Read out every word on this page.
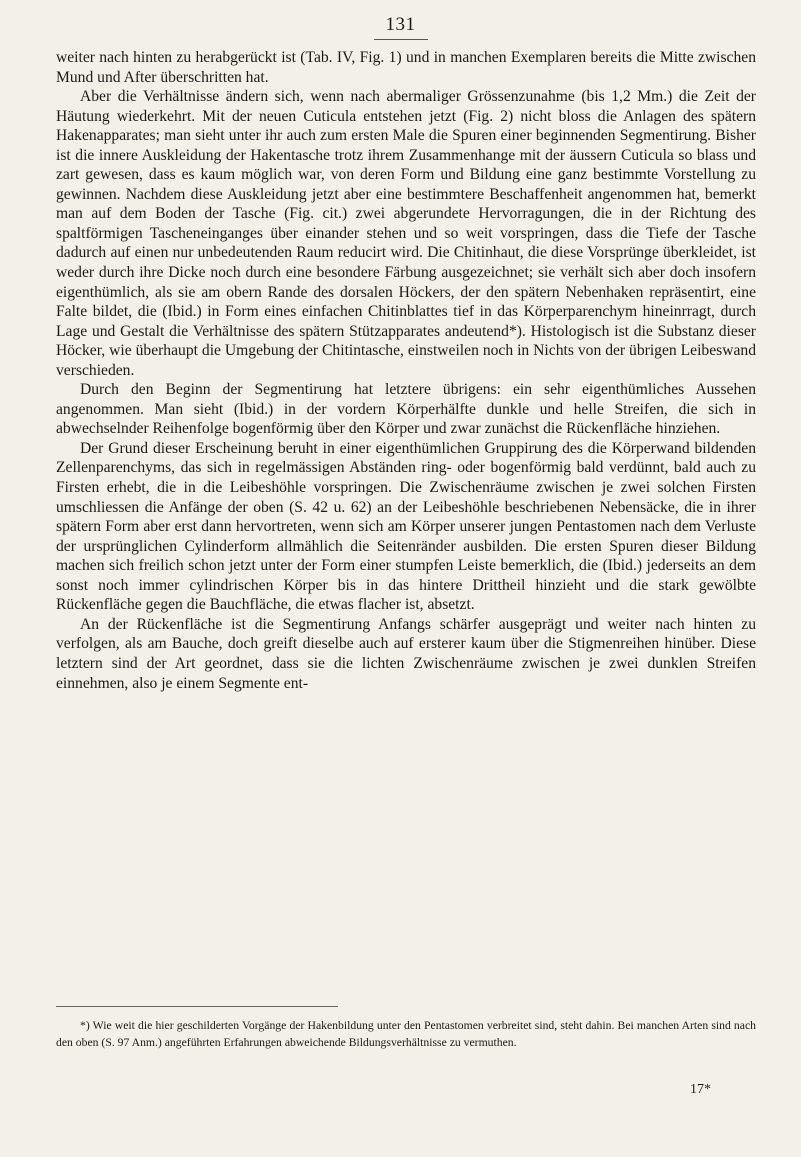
131

weiter nach hinten zu herabgerückt ist (Tab. IV, Fig. 1) und in manchen Exemplaren bereits die Mitte zwischen Mund und After überschritten hat.

Aber die Verhältnisse ändern sich, wenn nach abermaliger Grössenzunahme (bis 1,2 Mm.) die Zeit der Häutung wiederkehrt. Mit der neuen Cuticula entstehen jetzt (Fig. 2) nicht bloss die Anlagen des spätern Hakenapparates; man sieht unter ihr auch zum ersten Male die Spuren einer beginnenden Segmentirung. Bisher ist die innere Auskleidung der Hakentasche trotz ihrem Zusammenhange mit der äussern Cuticula so blass und zart gewesen, dass es kaum möglich war, von deren Form und Bildung eine ganz bestimmte Vorstellung zu gewinnen. Nachdem diese Auskleidung jetzt aber eine bestimmtere Beschaffenheit angenommen hat, bemerkt man auf dem Boden der Tasche (Fig. cit.) zwei abgerundete Hervorragungen, die in der Richtung des spaltförmigen Tascheneinganges über einander stehen und so weit vorspringen, dass die Tiefe der Tasche dadurch auf einen nur unbedeutenden Raum reducirt wird. Die Chitinhaut, die diese Vorsprünge überkleidet, ist weder durch ihre Dicke noch durch eine besondere Färbung ausgezeichnet; sie verhält sich aber doch insofern eigenthümlich, als sie am obern Rande des dorsalen Höckers, der den spätern Nebenhaken repräsentirt, eine Falte bildet, die (Ibid.) in Form eines einfachen Chitinblattes tief in das Körperparenchym hineinrragt, durch Lage und Gestalt die Verhältnisse des spätern Stützapparates andeutend*). Histologisch ist die Substanz dieser Höcker, wie überhaupt die Umgebung der Chitintasche, einstweilen noch in Nichts von der übrigen Leibeswand verschieden.

Durch den Beginn der Segmentirung hat letztere übrigens: ein sehr eigenthümliches Aussehen angenommen. Man sieht (Ibid.) in der vordern Körperhälfte dunkle und helle Streifen, die sich in abwechselnder Reihenfolge bogenförmig über den Körper und zwar zunächst die Rückenfläche hinziehen.

Der Grund dieser Erscheinung beruht in einer eigenthümlichen Gruppirung des die Körperwand bildenden Zellenparenchyms, das sich in regelmässigen Abständen ring- oder bogenförmig bald verdünnt, bald auch zu Firsten erhebt, die in die Leibeshöhle vorspringen. Die Zwischenräume zwischen je zwei solchen Firsten umschliessen die Anfänge der oben (S. 42 u. 62) an der Leibeshöhle beschriebenen Nebensäcke, die in ihrer spätern Form aber erst dann hervortreten, wenn sich am Körper unserer jungen Pentastomen nach dem Verluste der ursprünglichen Cylinderform allmählich die Seitenränder ausbilden. Die ersten Spuren dieser Bildung machen sich freilich schon jetzt unter der Form einer stumpfen Leiste bemerklich, die (Ibid.) jederseits an dem sonst noch immer cylindrischen Körper bis in das hintere Drittheil hinzieht und die stark gewölbte Rückenfläche gegen die Bauchfläche, die etwas flacher ist, absetzt.

An der Rückenfläche ist die Segmentirung Anfangs schärfer ausgeprägt und weiter nach hinten zu verfolgen, als am Bauche, doch greift dieselbe auch auf ersterer kaum über die Stigmenreihen hinüber. Diese letztern sind der Art geordnet, dass sie die lichten Zwischenräume zwischen je zwei dunklen Streifen einnehmen, also je einem Segmente ent-

*) Wie weit die hier geschilderten Vorgänge der Hakenbildung unter den Pentastomen verbreitet sind, steht dahin. Bei manchen Arten sind nach den oben (S. 97 Anm.) angeführten Erfahrungen abweichende Bildungsverhältnisse zu vermuthen.

17*
